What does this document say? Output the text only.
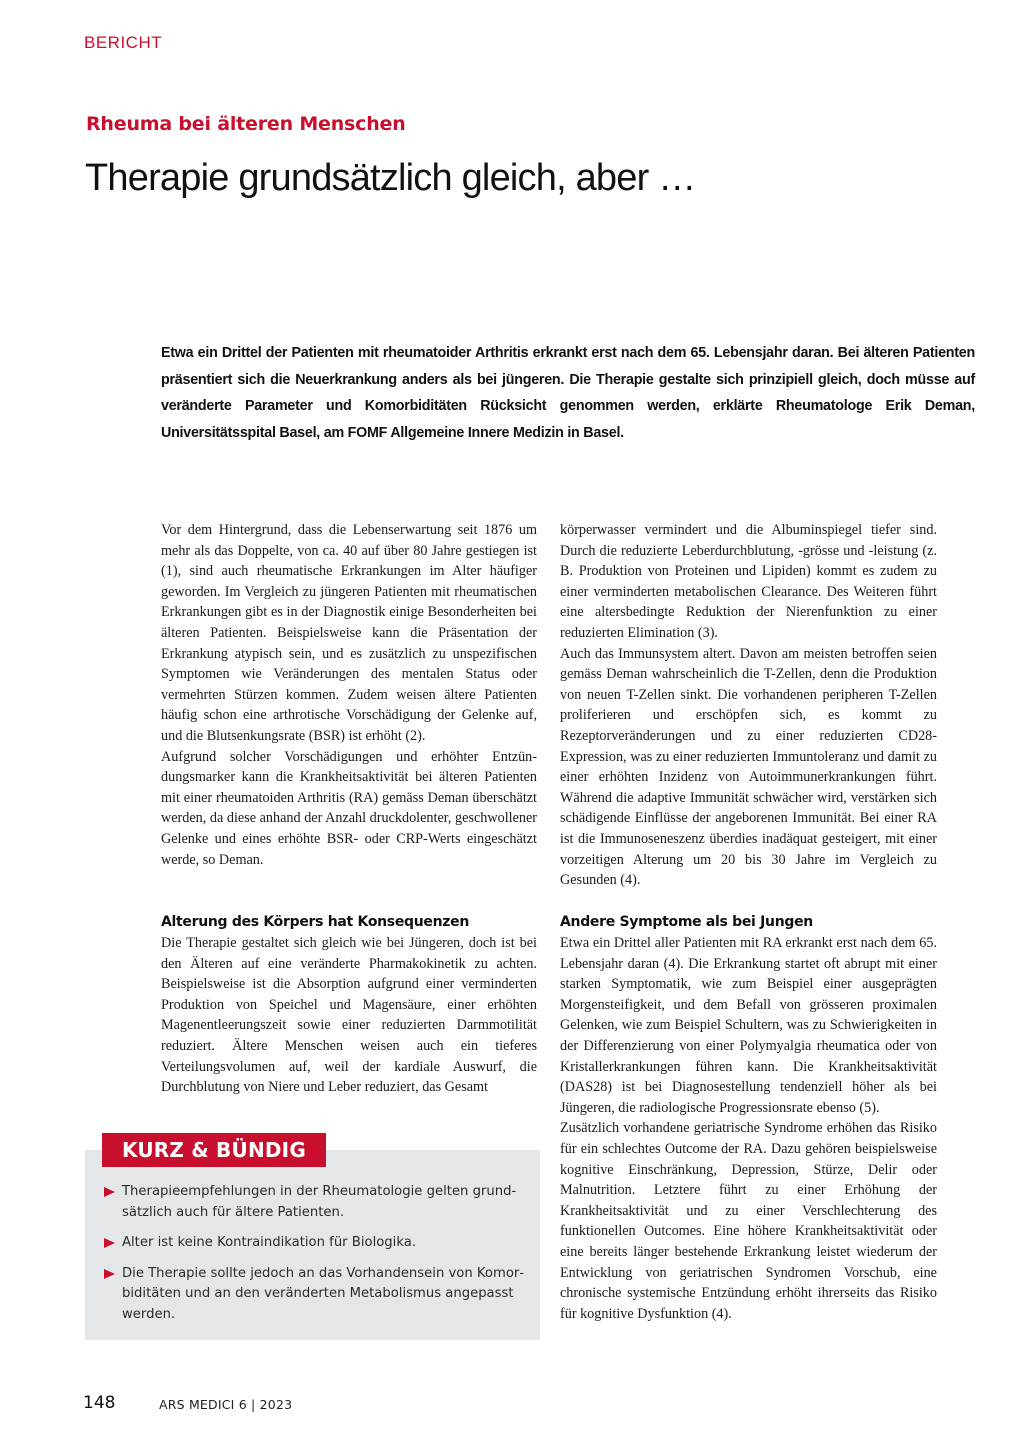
BERICHT
Rheuma bei älteren Menschen
Therapie grundsätzlich gleich, aber …
Etwa ein Drittel der Patienten mit rheumatoider Arthritis erkrankt erst nach dem 65. Lebensjahr daran. Bei älteren Patienten präsentiert sich die Neuerkrankung anders als bei jüngeren. Die Therapie gestalte sich prinzipiell gleich, doch müsse auf veränderte Parameter und Komorbiditäten Rücksicht genommen werden, erklärte Rheumatologe Erik Deman, Universitätsspital Basel, am FOMF Allgemeine Innere Medizin in Basel.

Vor dem Hintergrund, dass die Lebenserwartung seit 1876 um mehr als das Doppelte, von ca. 40 auf über 80 Jahre gestiegen ist (1), sind auch rheumatische Erkrankungen im Alter häufiger geworden. Im Vergleich zu jüngeren Patienten mit rheumatischen Erkrankungen gibt es in der Diagnostik einige Besonderheiten bei älteren Patienten. Beispielsweise kann die Präsentation der Erkrankung atypisch sein, und es zusätzlich zu unspezifischen Symptomen wie Veränderungen des mentalen Status oder vermehrten Stürzen kommen. Zudem weisen ältere Patienten häufig schon eine arthrotische Vorschädigung der Gelenke auf, und die Blutsenkungsrate (BSR) ist erhöht (2).

Aufgrund solcher Vorschädigungen und erhöhter Entzündungsmarker kann die Krankheitsaktivität bei älteren Patienten mit einer rheumatoiden Arthritis (RA) gemäss Deman überschätzt werden, da diese anhand der Anzahl druckdolenter, geschwollener Gelenke und eines erhöhte BSR- oder CRP-Werts eingeschätzt werde, so Deman.

Alterung des Körpers hat Konsequenzen

Die Therapie gestaltet sich gleich wie bei Jüngeren, doch ist bei den Älteren auf eine veränderte Pharmakokinetik zu achten. Beispielsweise ist die Absorption aufgrund einer verminderten Produktion von Speichel und Magensäure, einer erhöhten Magenentleerungszeit sowie einer reduzierten Darmmotilität reduziert. Ältere Menschen weisen auch ein tieferes Verteilungsvolumen auf, weil der kardiale Auswurf, die Durchblutung von Niere und Leber reduziert, das Gesamt

körperwasser vermindert und die Albuminspiegel tiefer sind. Durch die reduzierte Leberdurchblutung, -grösse und -leistung (z. B. Produktion von Proteinen und Lipiden) kommt es zudem zu einer verminderten metabolischen Clearance. Des Weiteren führt eine altersbedingte Reduktion der Nierenfunktion zu einer reduzierten Elimination (3).

Auch das Immunsystem altert. Davon am meisten betroffen seien gemäss Deman wahrscheinlich die T-Zellen, denn die Produktion von neuen T-Zellen sinkt. Die vorhandenen peripheren T-Zellen proliferieren und erschöpfen sich, es kommt zu Rezeptorveränderungen und zu einer reduzierten CD28-Expression, was zu einer reduzierten Immuntoleranz und damit zu einer erhöhten Inzidenz von Autoimmunerkrankungen führt. Während die adaptive Immunität schwächer wird, verstärken sich schädigende Einflüsse der angeborenen Immunität. Bei einer RA ist die Immunoseneszenz überdies inadäquat gesteigert, mit einer vorzeitigen Alterung um 20 bis 30 Jahre im Vergleich zu Gesunden (4).

Andere Symptome als bei Jungen

Etwa ein Drittel aller Patienten mit RA erkrankt erst nach dem 65. Lebensjahr daran (4). Die Erkrankung startet oft abrupt mit einer starken Symptomatik, wie zum Beispiel einer ausgeprägten Morgensteifigkeit, und dem Befall von grösseren proximalen Gelenken, wie zum Beispiel Schultern, was zu Schwierigkeiten in der Differenzierung von einer Polymyalgia rheumatica oder von Kristallerkrankungen führen kann. Die Krankheitsaktivität (DAS28) ist bei Diagnosestellung tendenziell höher als bei Jüngeren, die radiologische Progressionsrate ebenso (5).

Zusätzlich vorhandene geriatrische Syndrome erhöhen das Risiko für ein schlechtes Outcome der RA. Dazu gehören beispielsweise kognitive Einschränkung, Depression, Stürze, Delir oder Malnutrition. Letztere führt zu einer Erhöhung der Krankheitsaktivität und zu einer Verschlechterung des funktionellen Outcomes. Eine höhere Krankheitsaktivität oder eine bereits länger bestehende Erkrankung leistet wiederum der Entwicklung von geriatrischen Syndromen Vorschub, eine chronische systemische Entzündung erhöht ihrerseits das Risiko für kognitive Dysfunktion (4).

KURZ & BÜNDIG
Therapieempfehlungen in der Rheumatologie gelten grundsätzlich auch für ältere Patienten.
Alter ist keine Kontraindikation für Biologika.
Die Therapie sollte jedoch an das Vorhandensein von Komorbiditäten und an den veränderten Metabolismus angepasst werden.
148	ARS MEDICI 6 | 2023
